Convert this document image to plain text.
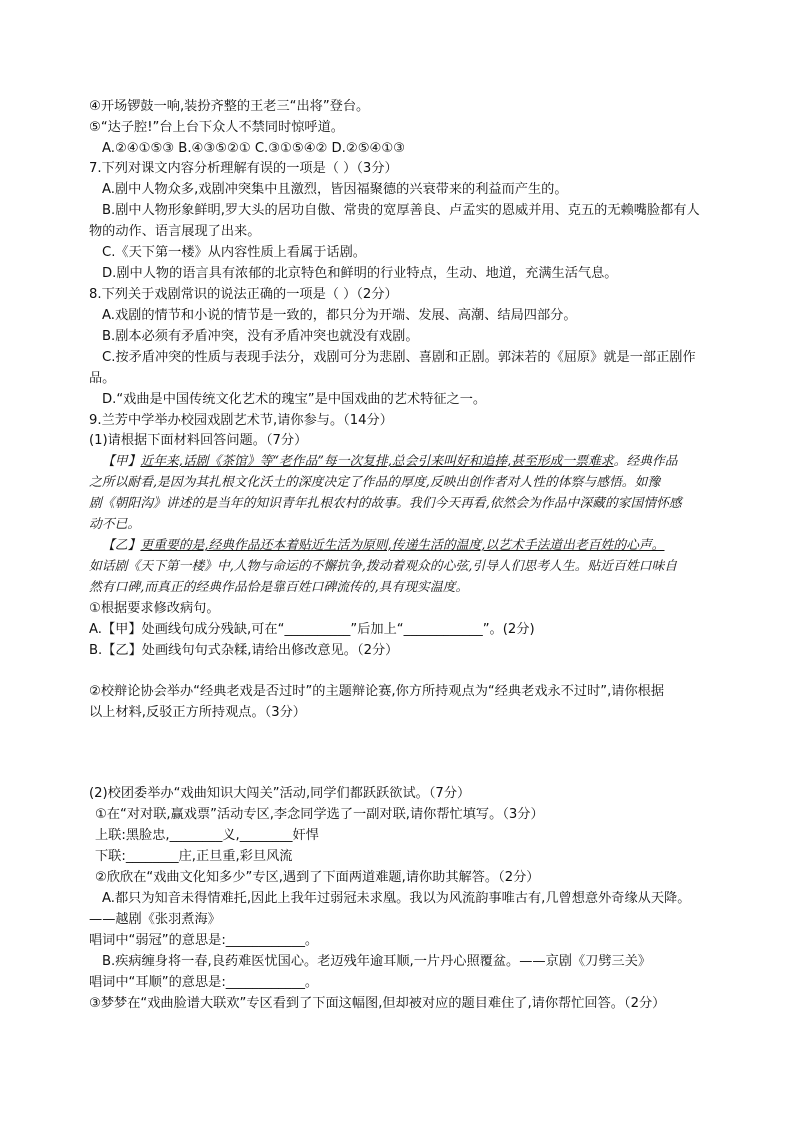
④开场锣鼓一响,装扮齐整的王老三“出将”登台。
⑤“达子腔!”台上台下众人不禁同时惊呼道。
A.②④①⑤③ B.④③⑤②① C.③①⑤④② D.②⑤④①③
7.下列对课文内容分析理解有误的一项是（ ）（3分）
A.剧中人物众多,戏剧冲突集中且激烈，皆因福聚德的兴衰带来的利益而产生的。
B.剧中人物形象鲜明,罗大头的居功自傲、常贵的宽厚善良、卢孟实的恩威并用、克五的无赖嘴脸都有人
物的动作、语言展现了出来。
C.《天下第一楼》从内容性质上看属于话剧。
D.剧中人物的语言具有浓郁的北京特色和鲜明的行业特点，生动、地道，充满生活气息。
8.下列关于戏剧常识的说法正确的一项是（ ）（2分）
A.戏剧的情节和小说的情节是一致的，都只分为开端、发展、高潮、结局四部分。
B.剧本必须有矛盾冲突，没有矛盾冲突也就没有戏剧。
C.按矛盾冲突的性质与表现手法分，戏剧可分为悲剧、喜剧和正剧。郭沫若的《屈原》就是一部正剧作
品。
D.“戏曲是中国传统文化艺术的瑰宝”是中国戏曲的艺术特征之一。
9.兰芳中学举办校园戏剧艺术节,请你参与。（14分）
(1)请根据下面材料回答问题。（7分）
【甲】近年来,话剧《茶馆》等“老作品”每一次复排,总会引来叫好和追捧,甚至形成一票难求。经典作品
之所以耐看,是因为其扎根文化沃土的深度决定了作品的厚度,反映出创作者对人性的体察与感悟。如豫
剧《朝阳沟》讲述的是当年的知识青年扎根农村的故事。我们今天再看,依然会为作品中深藏的家国情怀感
动不已。
【乙】更重要的是,经典作品还本着贴近生活为原则,传递生活的温度,以艺术手法道出老百姓的心声。
如话剧《天下第一楼》中,人物与命运的不懈抗争,拨动着观众的心弦,引导人们思考人生。贴近百姓口味自
然有口碑,而真正的经典作品恰是靠百姓口碑流传的,具有现实温度。
①根据要求修改病句。
A.【甲】处画线句成分残缺,可在“__________”后加上“____________”。(2分)
B.【乙】处画线句句式杂糅,请给出修改意见。（2分）
②校辩论协会举办“经典老戏是否过时”的主题辩论赛,你方所持观点为“经典老戏永不过时”,请你根据
以上材料,反驳正方所持观点。（3分）
(2)校团委举办“戏曲知识大闯关”活动,同学们都跃跃欲试。（7分）
①在“对对联,赢戏票”活动专区,李念同学选了一副对联,请你帮忙填写。（3分）
上联:黑脸忠,________义,________奸悍
下联:________庄,正旦重,彩旦风流
②欣欣在“戏曲文化知多少”专区,遇到了下面两道难题,请你助其解答。（2分）
A.都只为知音未得情难托,因此上我年过弱冠未求凰。我以为风流韵事唯古有,几曾想意外奇缘从天降。
——越剧《张羽煮海》
唱词中“弱冠”的意思是:____________。
B.疾病缠身将一春,良药难医忧国心。老迈残年逾耳顺,一片丹心照覆盆。——京剧《刀劈三关》
唱词中“耳顺”的意思是:____________。
③梦梦在“戏曲脸谱大联欢”专区看到了下面这幅图,但却被对应的题目难住了,请你帮忙回答。（2分）
